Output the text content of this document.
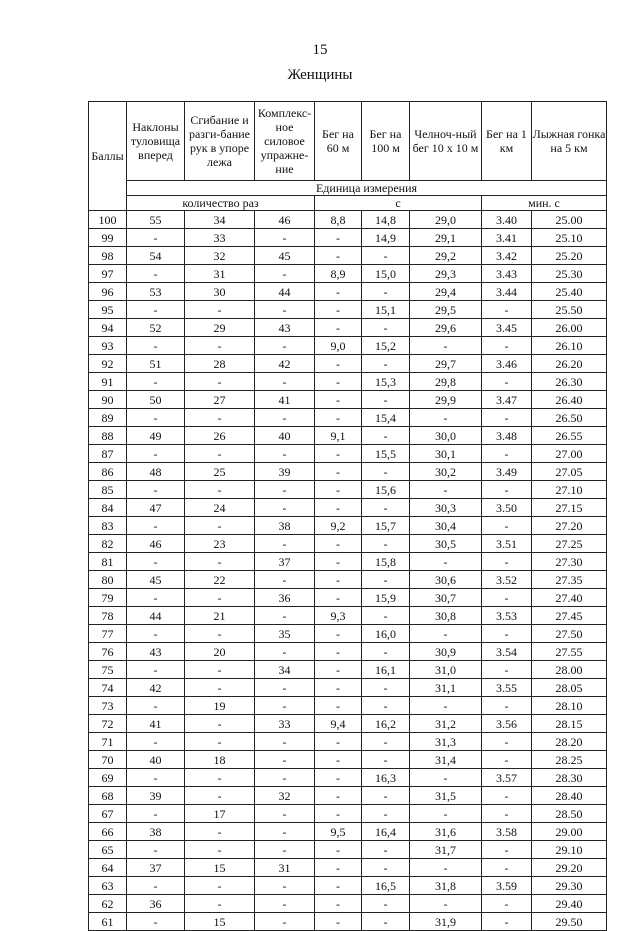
15
Женщины
Баллы	Наклоны туловища вперед	Сгибание и разги-бание рук в упоре лежа	Комплекс-ное силовое упражне-ние	Бег на 60 м	Бег на 100 м	Челноч-ный бег 10 х 10 м	Бег на 1 км	Лыжная гонка на 5 км
	Единица измерения							
	количество раз			с			мин. с	
100	55	34	46	8,8	14,8	29,0	3.40	25.00
99	-	33	-	-	14,9	29,1	3.41	25.10
98	54	32	45	-	-	29,2	3.42	25.20
97	-	31	-	8,9	15,0	29,3	3.43	25.30
96	53	30	44	-	-	29,4	3.44	25.40
95	-	-	-	-	15,1	29,5	-	25.50
94	52	29	43	-	-	29,6	3.45	26.00
93	-	-	-	9,0	15,2	-	-	26.10
92	51	28	42	-	-	29,7	3.46	26.20
91	-	-	-	-	15,3	29,8	-	26.30
90	50	27	41	-	-	29,9	3.47	26.40
89	-	-	-	-	15,4	-	-	26.50
88	49	26	40	9,1	-	30,0	3.48	26.55
87	-	-	-	-	15,5	30,1	-	27.00
86	48	25	39	-	-	30,2	3.49	27.05
85	-	-	-	-	15,6	-	-	27.10
84	47	24	-	-	-	30,3	3.50	27.15
83	-	-	38	9,2	15,7	30,4	-	27.20
82	46	23	-	-	-	30,5	3.51	27.25
81	-	-	37	-	15,8	-	-	27.30
80	45	22	-	-	-	30,6	3.52	27.35
79	-	-	36	-	15,9	30,7	-	27.40
78	44	21	-	9,3	-	30,8	3.53	27.45
77	-	-	35	-	16,0	-	-	27.50
76	43	20	-	-	-	30,9	3.54	27.55
75	-	-	34	-	16,1	31,0	-	28.00
74	42	-	-	-	-	31,1	3.55	28.05
73	-	19	-	-	-	-	-	28.10
72	41	-	33	9,4	16,2	31,2	3.56	28.15
71	-	-	-	-	-	31,3	-	28.20
70	40	18	-	-	-	31,4	-	28.25
69	-	-	-	-	16,3	-	3.57	28.30
68	39	-	32	-	-	31,5	-	28.40
67	-	17	-	-	-	-	-	28.50
66	38	-	-	9,5	16,4	31,6	3.58	29.00
65	-	-	-	-	-	31,7	-	29.10
64	37	15	31	-	-	-	-	29.20
63	-	-	-	-	16,5	31,8	3.59	29.30
62	36	-	-	-	-	-	-	29.40
61	-	15	-	-	-	31,9	-	29.50
